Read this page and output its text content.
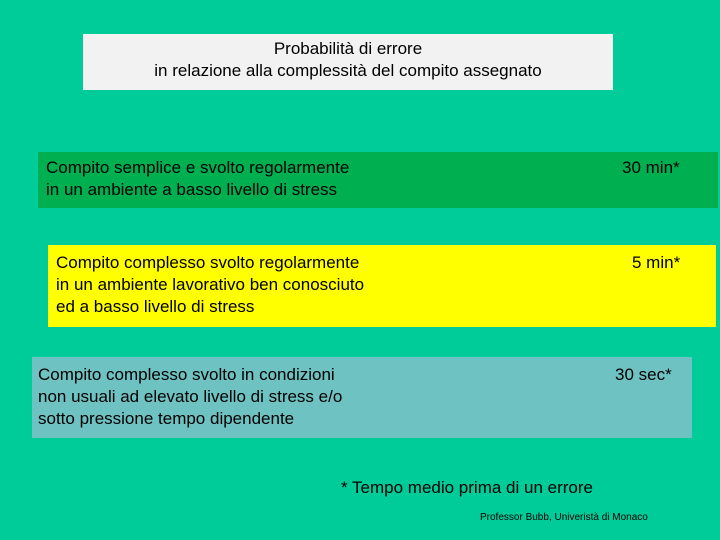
Probabilità di errore
in relazione alla complessità del compito assegnato
Compito semplice e svolto regolarmente
in un ambiente a basso livello di stress
30 min*
Compito complesso svolto regolarmente
in un ambiente lavorativo ben conosciuto
ed a basso livello di stress
5 min*
Compito complesso svolto in condizioni
non usuali ad elevato livello di stress e/o
sotto pressione tempo dipendente
30 sec*
* Tempo medio prima di un errore
Professor Bubb, Univeristà di Monaco
